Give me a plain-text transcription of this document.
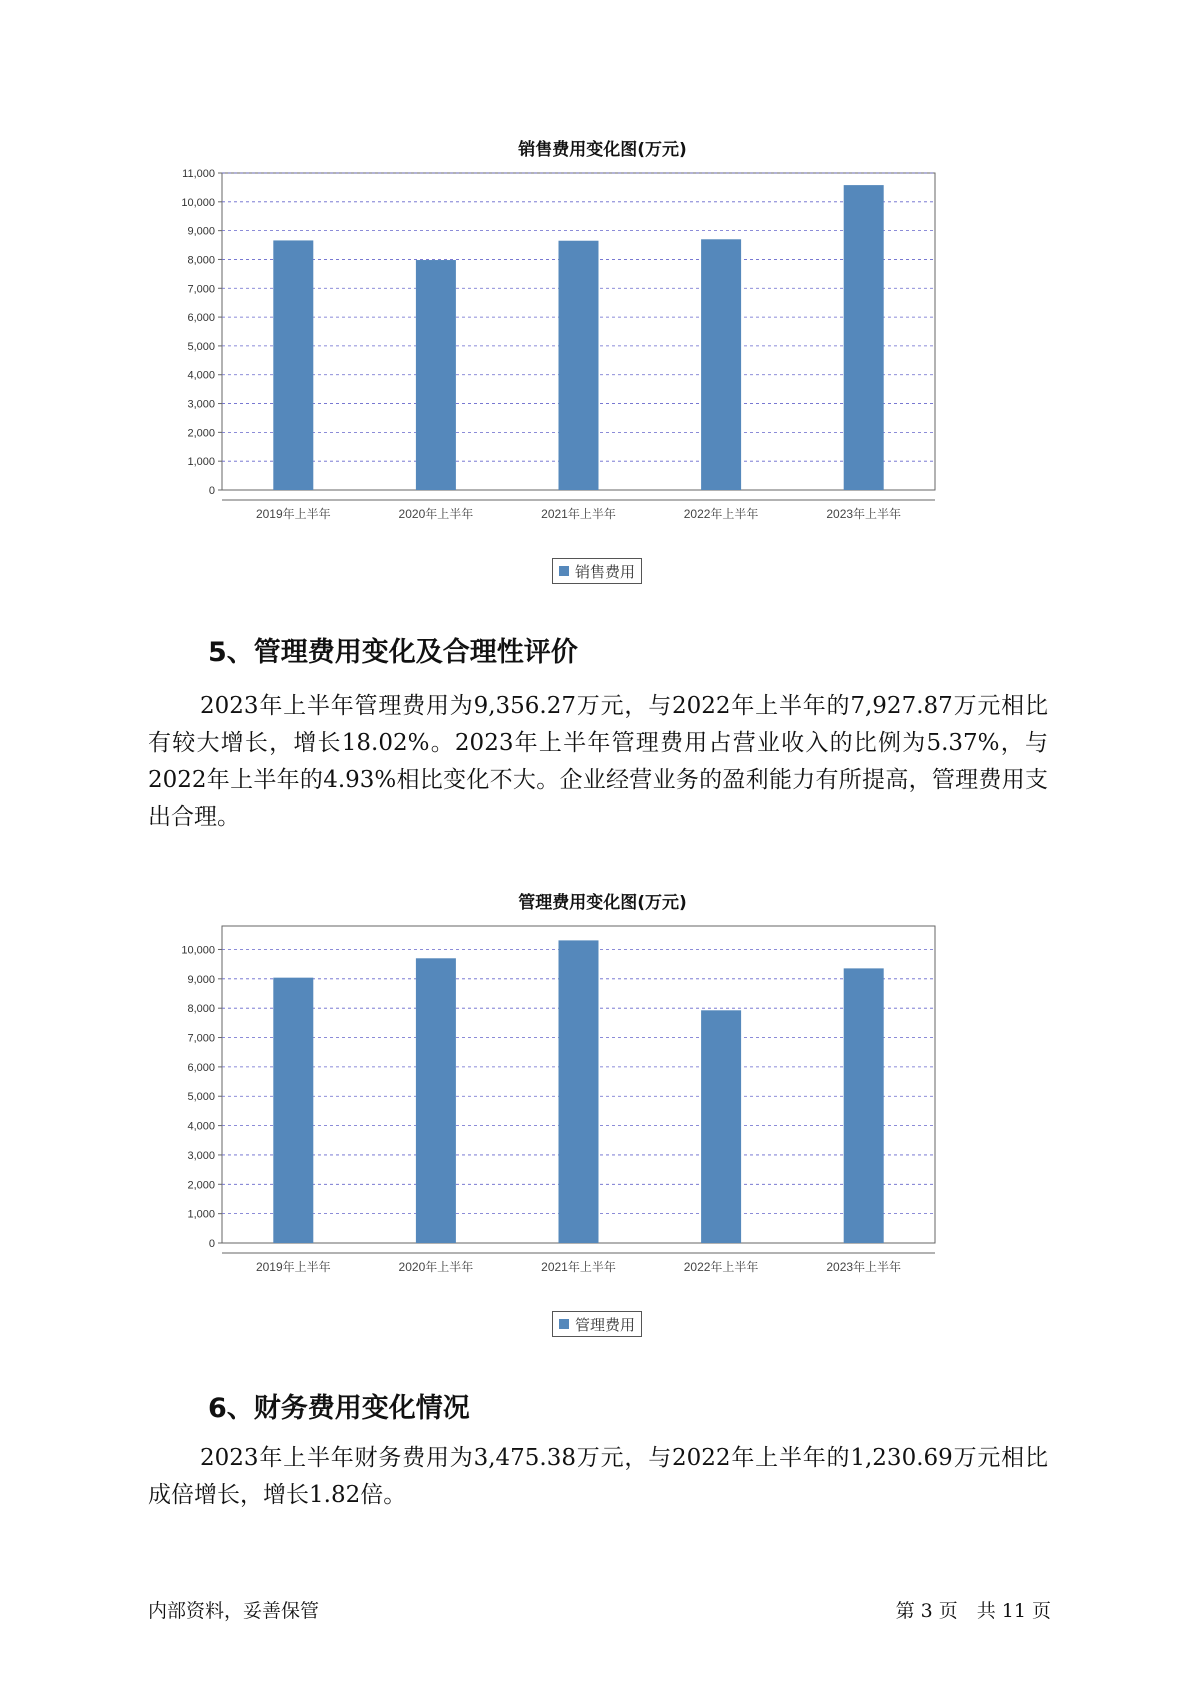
销售费用变化图(万元)
0
1,000
2,000
3,000
4,000
5,000
6,000
7,000
8,000
9,000
10,000
11,000
2019年上半年	2020年上半年	2021年上半年	2022年上半年	2023年上半年
销售费用
5、管理费用变化及合理性评价

2023年上半年管理费用为9,356.27万元，与2022年上半年的7,927.87万元相比有较大增长，增长18.02%。2023年上半年管理费用占营业收入的比例为5.37%，与2022年上半年的4.93%相比变化不大。企业经营业务的盈利能力有所提高，管理费用支出合理。

管理费用变化图(万元)
0
1,000
2,000
3,000
4,000
5,000
6,000
7,000
8,000
9,000
10,000
2019年上半年	2020年上半年	2021年上半年	2022年上半年	2023年上半年
管理费用
6、财务费用变化情况

2023年上半年财务费用为3,475.38万元，与2022年上半年的1,230.69万元相比成倍增长，增长1.82倍。

内部资料，妥善保管	第 3 页　共 11 页
